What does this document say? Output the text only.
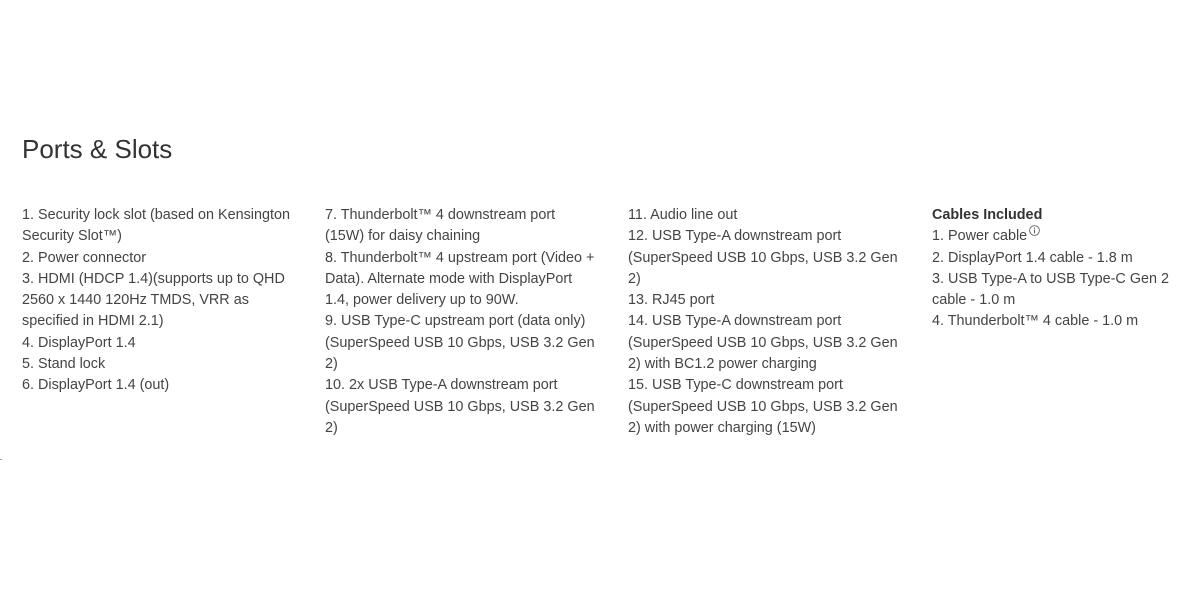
Ports & Slots
1. Security lock slot (based on Kensington Security Slot™)
2. Power connector
3. HDMI (HDCP 1.4)(supports up to QHD 2560 x 1440 120Hz TMDS, VRR as specified in HDMI 2.1)
4. DisplayPort 1.4
5. Stand lock
6. DisplayPort 1.4 (out)
7. Thunderbolt™ 4 downstream port (15W) for daisy chaining
8. Thunderbolt™ 4 upstream port (Video + Data). Alternate mode with DisplayPort 1.4, power delivery up to 90W.
9. USB Type-C upstream port (data only) (SuperSpeed USB 10 Gbps, USB 3.2 Gen 2)
10. 2x USB Type-A downstream port (SuperSpeed USB 10 Gbps, USB 3.2 Gen 2)
11. Audio line out
12. USB Type-A downstream port (SuperSpeed USB 10 Gbps, USB 3.2 Gen 2)
13. RJ45 port
14. USB Type-A downstream port (SuperSpeed USB 10 Gbps, USB 3.2 Gen 2) with BC1.2 power charging
15. USB Type-C downstream port (SuperSpeed USB 10 Gbps, USB 3.2 Gen 2) with power charging (15W)
Cables Included
1. Power cable
2. DisplayPort 1.4 cable - 1.8 m
3. USB Type-A to USB Type-C Gen 2 cable - 1.0 m
4. Thunderbolt™ 4 cable - 1.0 m
